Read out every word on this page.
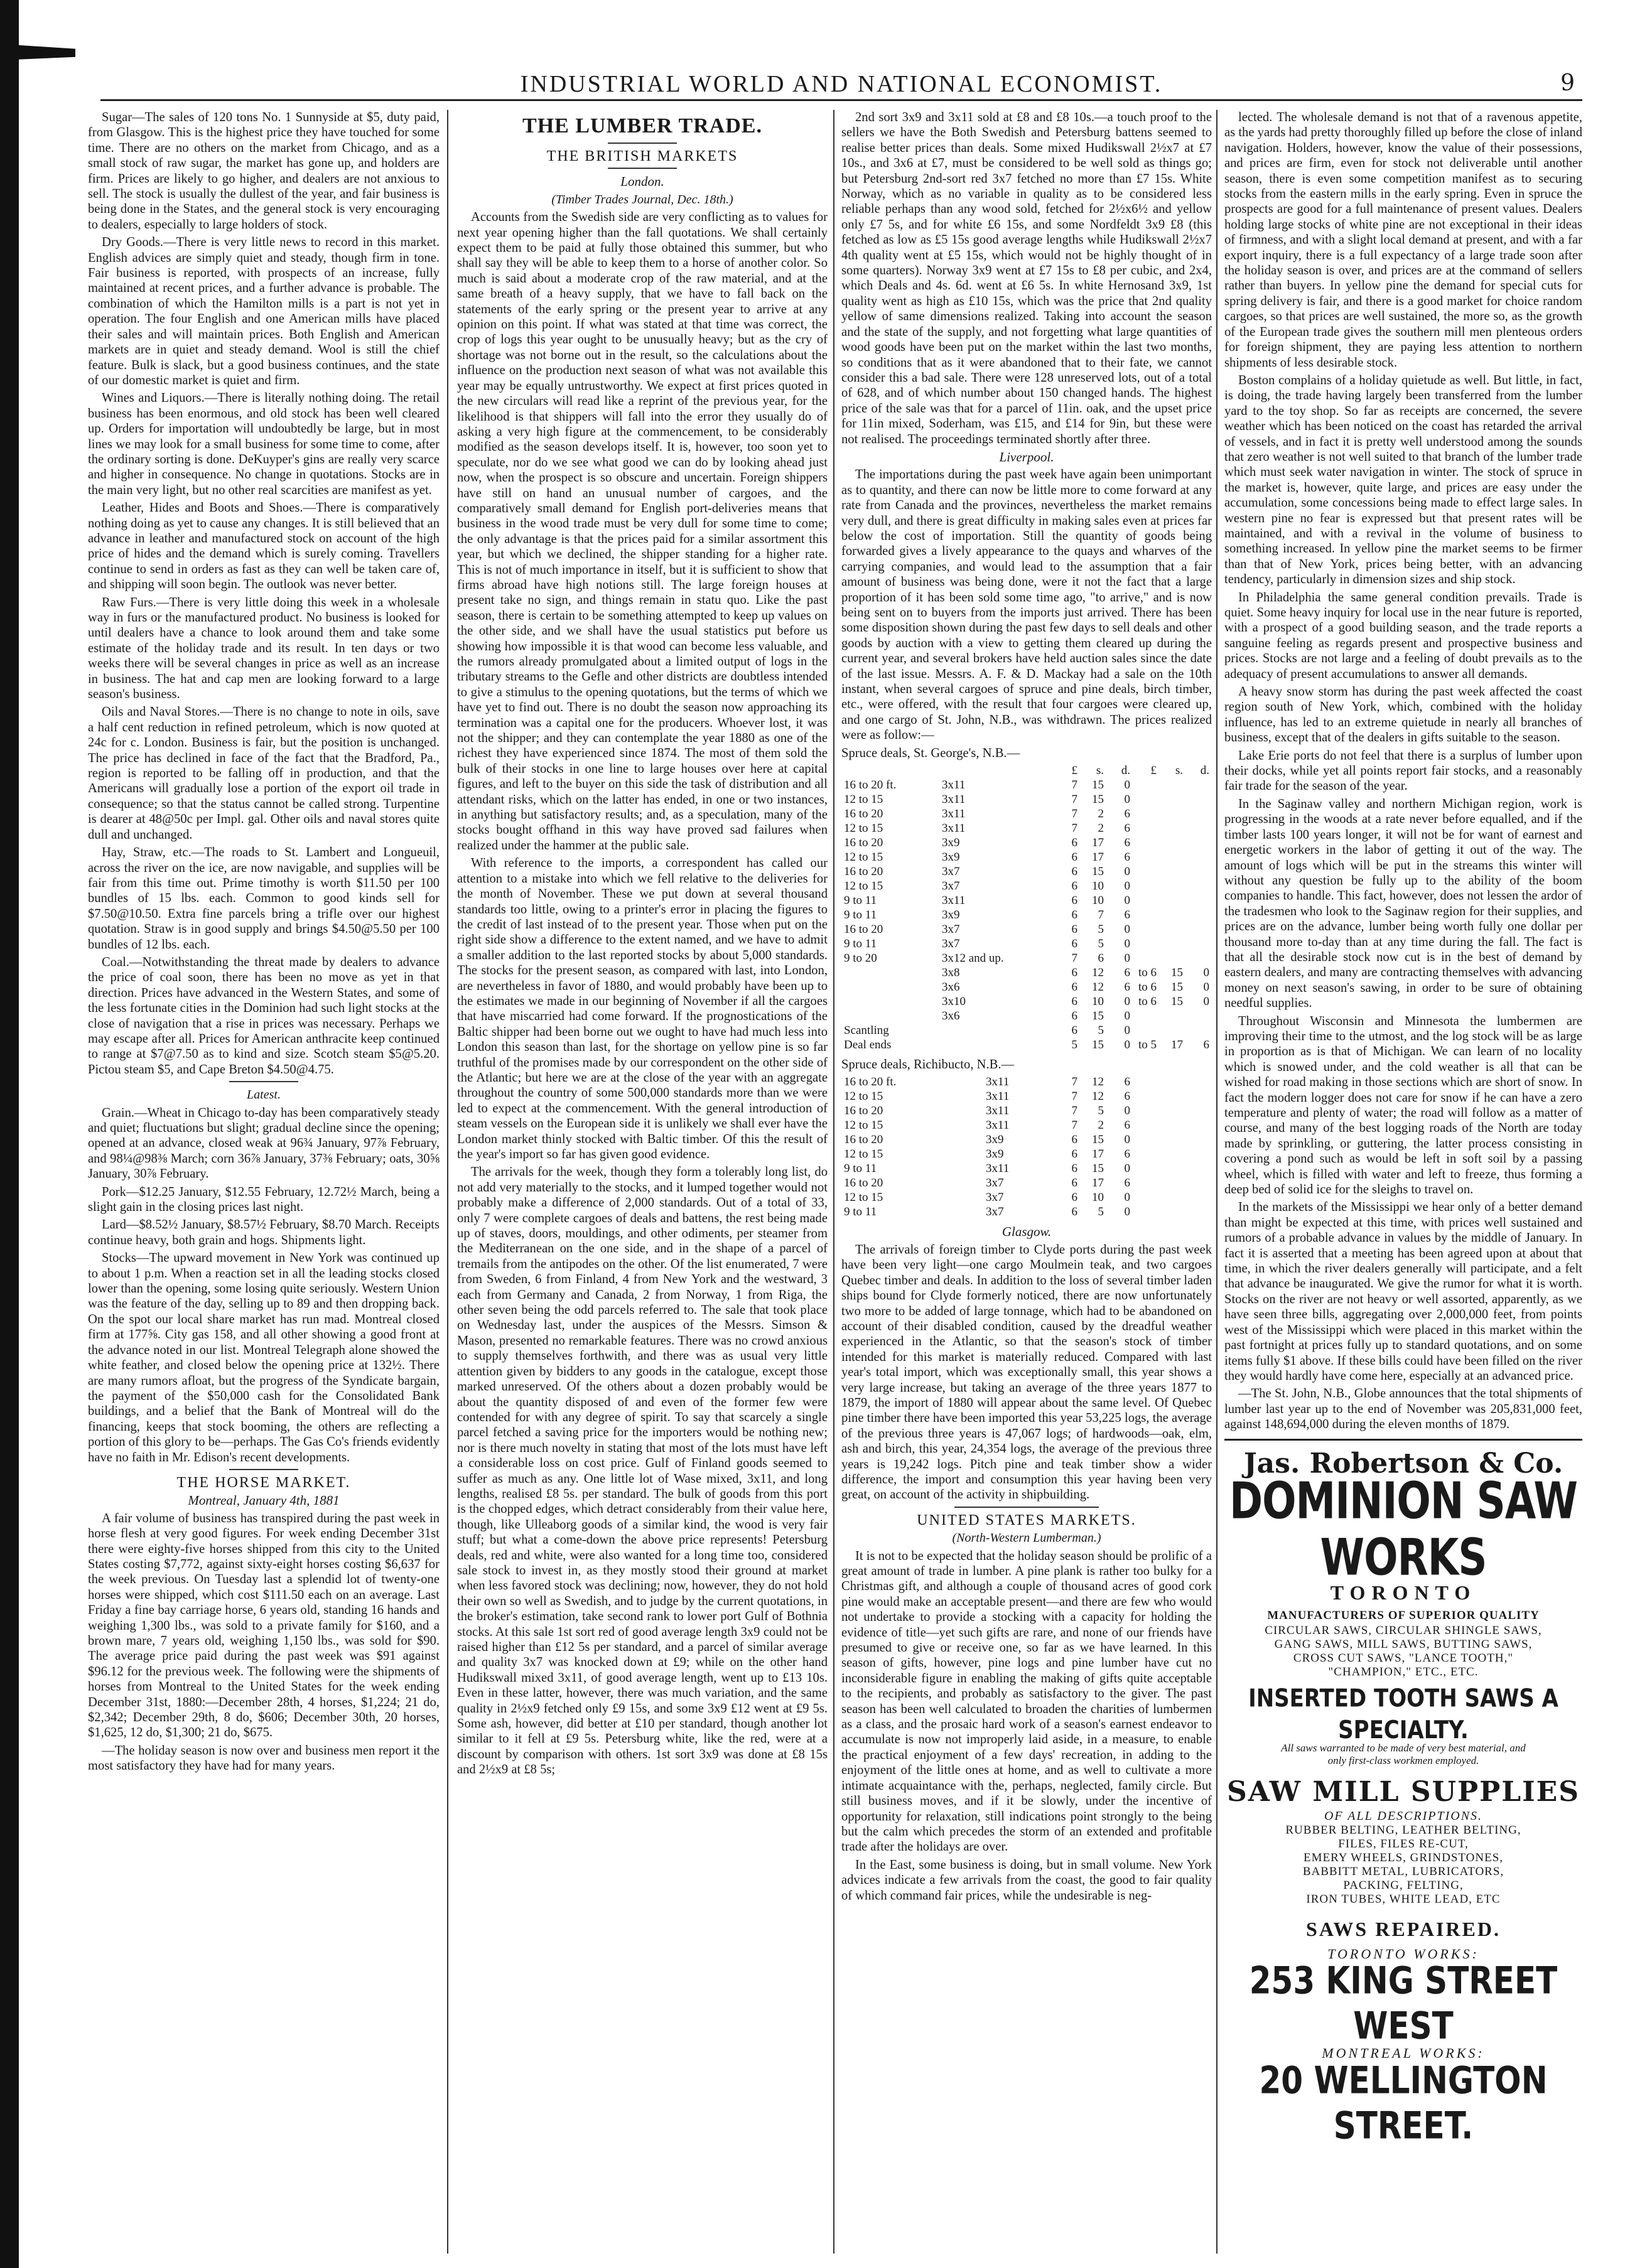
INDUSTRIAL WORLD AND NATIONAL ECONOMIST.	9

Sugar—The sales of 120 tons No. 1 Sunnyside at $5, duty paid, from Glasgow. This is the highest price they have touched for some time. There are no others on the market from Chicago, and as a small stock of raw sugar, the market has gone up, and holders are firm. Prices are likely to go higher, and dealers are not anxious to sell. The stock is usually the dullest of the year, and fair business is being done in the States, and the general stock is very encouraging to dealers, especially to large holders of stock.

Dry Goods.—There is very little news to record in this market. English advices are simply quiet and steady, though firm in tone. Fair business is reported, with prospects of an increase, fully maintained at recent prices, and a further advance is probable. The combination of which the Hamilton mills is a part is not yet in operation. The four English and one American mills have placed their sales and will maintain prices. Both English and American markets are in quiet and steady demand. Wool is still the chief feature. Bulk is slack, but a good business continues, and the state of our domestic market is quiet and firm.

Wines and Liquors.—There is literally nothing doing. The retail business has been enormous, and old stock has been well cleared up. Orders for importation will undoubtedly be large, but in most lines we may look for a small business for some time to come, after the ordinary sorting is done. DeKuyper's gins are really very scarce and higher in consequence. No change in quotations. Stocks are in the main very light, but no other real scarcities are manifest as yet.

Leather, Hides and Boots and Shoes.—There is comparatively nothing doing as yet to cause any changes. It is still believed that an advance in leather and manufactured stock on account of the high price of hides and the demand which is surely coming. Travellers continue to send in orders as fast as they can well be taken care of, and shipping will soon begin. The outlook was never better.

Raw Furs.—There is very little doing this week in a wholesale way in furs or the manufactured product. No business is looked for until dealers have a chance to look around them and take some estimate of the holiday trade and its result. In ten days or two weeks there will be several changes in price as well as an increase in business. The hat and cap men are looking forward to a large season's business.

Oils and Naval Stores.—There is no change to note in oils, save a half cent reduction in refined petroleum, which is now quoted at 24c for c. London. Business is fair, but the position is unchanged. The price has declined in face of the fact that the Bradford, Pa., region is reported to be falling off in production, and that the Americans will gradually lose a portion of the export oil trade in consequence; so that the status cannot be called strong. Turpentine is dearer at 48@50c per Impl. gal. Other oils and naval stores quite dull and unchanged.

Hay, Straw, etc.—The roads to St. Lambert and Longueuil, across the river on the ice, are now navigable, and supplies will be fair from this time out. Prime timothy is worth $11.50 per 100 bundles of 15 lbs. each. Common to good kinds sell for $7.50@10.50. Extra fine parcels bring a trifle over our highest quotation. Straw is in good supply and brings $4.50@5.50 per 100 bundles of 12 lbs. each.

Coal.—Notwithstanding the threat made by dealers to advance the price of coal soon, there has been no move as yet in that direction. Prices have advanced in the Western States, and some of the less fortunate cities in the Dominion had such light stocks at the close of navigation that a rise in prices was necessary. Perhaps we may escape after all. Prices for American anthracite keep continued to range at $7@7.50 as to kind and size. Scotch steam $5@5.20. Pictou steam $5, and Cape Breton $4.50@4.75.

Latest.

Grain.—Wheat in Chicago to-day has been comparatively steady and quiet; fluctuations but slight; gradual decline since the opening; opened at an advance, closed weak at 96¾ January, 97⅞ February, and 98¼@98⅜ March; corn 36⅞ January, 37⅜ February; oats, 30⅝ January, 30⅞ February.

Pork—$12.25 January, $12.55 February, 12.72½ March, being a slight gain in the closing prices last night.

Lard—$8.52½ January, $8.57½ February, $8.70 March. Receipts continue heavy, both grain and hogs. Shipments light.

Stocks—The upward movement in New York was continued up to about 1 p.m. When a reaction set in all the leading stocks closed lower than the opening, some losing quite seriously. Western Union was the feature of the day, selling up to 89 and then dropping back. On the spot our local share market has run mad. Montreal closed firm at 177⅝. City gas 158, and all other showing a good front at the advance noted in our list. Montreal Telegraph alone showed the white feather, and closed below the opening price at 132½. There are many rumors afloat, but the progress of the Syndicate bargain, the payment of the $50,000 cash for the Consolidated Bank buildings, and a belief that the Bank of Montreal will do the financing, keeps that stock booming, the others are reflecting a portion of this glory to be—perhaps. The Gas Co's friends evidently have no faith in Mr. Edison's recent developments.

THE HORSE MARKET.

Montreal, January 4th, 1881

A fair volume of business has transpired during the past week in horse flesh at very good figures. For week ending December 31st there were eighty-five horses shipped from this city to the United States costing $7,772, against sixty-eight horses costing $6,637 for the week previous. On Tuesday last a splendid lot of twenty-one horses were shipped, which cost $111.50 each on an average. Last Friday a fine bay carriage horse, 6 years old, standing 16 hands and weighing 1,300 lbs., was sold to a private family for $160, and a brown mare, 7 years old, weighing 1,150 lbs., was sold for $90. The average price paid during the past week was $91 against $96.12 for the previous week. The following were the shipments of horses from Montreal to the United States for the week ending December 31st, 1880:—December 28th, 4 horses, $1,224; 21 do, $2,342; December 29th, 8 do, $606; December 30th, 20 horses, $1,625, 12 do, $1,300; 21 do, $675.

—The holiday season is now over and business men report it the most satisfactory they have had for many years.

THE LUMBER TRADE.

THE BRITISH MARKETS

London.

(Timber Trades Journal, Dec. 18th.)

Accounts from the Swedish side are very conflicting as to values for next year opening higher than the fall quotations. We shall certainly expect them to be paid at fully those obtained this summer, but who shall say they will be able to keep them to a horse of another color. So much is said about a moderate crop of the raw material, and at the same breath of a heavy supply, that we have to fall back on the statements of the early spring or the present year to arrive at any opinion on this point. If what was stated at that time was correct, the crop of logs this year ought to be unusually heavy; but as the cry of shortage was not borne out in the result, so the calculations about the influence on the production next season of what was not available this year may be equally untrustworthy. We expect at first prices quoted in the new circulars will read like a reprint of the previous year, for the likelihood is that shippers will fall into the error they usually do of asking a very high figure at the commencement, to be considerably modified as the season develops itself. It is, however, too soon yet to speculate, nor do we see what good we can do by looking ahead just now, when the prospect is so obscure and uncertain. Foreign shippers have still on hand an unusual number of cargoes, and the comparatively small demand for English port-deliveries means that business in the wood trade must be very dull for some time to come; the only advantage is that the prices paid for a similar assortment this year, but which we declined, the shipper standing for a higher rate. This is not of much importance in itself, but it is sufficient to show that firms abroad have high notions still. The large foreign houses at present take no sign, and things remain in statu quo. Like the past season, there is certain to be something attempted to keep up values on the other side, and we shall have the usual statistics put before us showing how impossible it is that wood can become less valuable, and the rumors already promulgated about a limited output of logs in the tributary streams to the Gefle and other districts are doubtless intended to give a stimulus to the opening quotations, but the terms of which we have yet to find out. There is no doubt the season now approaching its termination was a capital one for the producers. Whoever lost, it was not the shipper; and they can contemplate the year 1880 as one of the richest they have experienced since 1874. The most of them sold the bulk of their stocks in one line to large houses over here at capital figures, and left to the buyer on this side the task of distribution and all attendant risks, which on the latter has ended, in one or two instances, in anything but satisfactory results; and, as a speculation, many of the stocks bought offhand in this way have proved sad failures when realized under the hammer at the public sale.

With reference to the imports, a correspondent has called our attention to a mistake into which we fell relative to the deliveries for the month of November. These we put down at several thousand standards too little, owing to a printer's error in placing the figures to the credit of last instead of to the present year. Those when put on the right side show a difference to the extent named, and we have to admit a smaller addition to the last reported stocks by about 5,000 standards. The stocks for the present season, as compared with last, into London, are nevertheless in favor of 1880, and would probably have been up to the estimates we made in our beginning of November if all the cargoes that have miscarried had come forward. If the prognostications of the Baltic shipper had been borne out we ought to have had much less into London this season than last, for the shortage on yellow pine is so far truthful of the promises made by our correspondent on the other side of the Atlantic; but here we are at the close of the year with an aggregate throughout the country of some 500,000 standards more than we were led to expect at the commencement. With the general introduction of steam vessels on the European side it is unlikely we shall ever have the London market thinly stocked with Baltic timber. Of this the result of the year's import so far has given good evidence.

The arrivals for the week, though they form a tolerably long list, do not add very materially to the stocks, and it lumped together would not probably make a difference of 2,000 standards. Out of a total of 33, only 7 were complete cargoes of deals and battens, the rest being made up of staves, doors, mouldings, and other odiments, per steamer from the Mediterranean on the one side, and in the shape of a parcel of tremails from the antipodes on the other. Of the list enumerated, 7 were from Sweden, 6 from Finland, 4 from New York and the westward, 3 each from Germany and Canada, 2 from Norway, 1 from Riga, the other seven being the odd parcels referred to. The sale that took place on Wednesday last, under the auspices of the Messrs. Simson & Mason, presented no remarkable features. There was no crowd anxious to supply themselves forthwith, and there was as usual very little attention given by bidders to any goods in the catalogue, except those marked unreserved. Of the others about a dozen probably would be about the quantity disposed of and even of the former few were contended for with any degree of spirit. To say that scarcely a single parcel fetched a saving price for the importers would be nothing new; nor is there much novelty in stating that most of the lots must have left a considerable loss on cost price. Gulf of Finland goods seemed to suffer as much as any. One little lot of Wase mixed, 3x11, and long lengths, realised £8 5s. per standard. The bulk of goods from this port is the chopped edges, which detract considerably from their value here, though, like Ulleaborg goods of a similar kind, the wood is very fair stuff; but what a come-down the above price represents! Petersburg deals, red and white, were also wanted for a long time too, considered sale stock to invest in, as they mostly stood their ground at market when less favored stock was declining; now, however, they do not hold their own so well as Swedish, and to judge by the current quotations, in the broker's estimation, take second rank to lower port Gulf of Bothnia stocks. At this sale 1st sort red of good average length 3x9 could not be raised higher than £12 5s per standard, and a parcel of similar average and quality 3x7 was knocked down at £9; while on the other hand Hudikswall mixed 3x11, of good average length, went up to £13 10s. Even in these latter, however, there was much variation, and the same quality in 2½x9 fetched only £9 15s, and some 3x9 £12 went at £9 5s. Some ash, however, did better at £10 per standard, though another lot similar to it fell at £9 5s. Petersburg white, like the red, were at a discount by comparison with others. 1st sort 3x9 was done at £8 15s and 2½x9 at £8 5s;

2nd sort 3x9 and 3x11 sold at £8 and £8 10s.—a touch proof to the sellers we have the Both Swedish and Petersburg battens seemed to realise better prices than deals. Some mixed Hudikswall 2½x7 at £7 10s., and 3x6 at £7, must be considered to be well sold as things go; but Petersburg 2nd-sort red 3x7 fetched no more than £7 15s. White Norway, which as no variable in quality as to be considered less reliable perhaps than any wood sold, fetched for 2½x6½ and yellow only £7 5s, and for white £6 15s, and some Nordfeldt 3x9 £8 (this fetched as low as £5 15s good average lengths while Hudikswall 2½x7 4th quality went at £5 15s, which would not be highly thought of in some quarters). Norway 3x9 went at £7 15s to £8 per cubic, and 2x4, which Deals and 4s. 6d. went at £6 5s. In white Hernosand 3x9, 1st quality went as high as £10 15s, which was the price that 2nd quality yellow of same dimensions realized. Taking into account the season and the state of the supply, and not forgetting what large quantities of wood goods have been put on the market within the last two months, so conditions that as it were abandoned that to their fate, we cannot consider this a bad sale. There were 128 unreserved lots, out of a total of 628, and of which number about 150 changed hands. The highest price of the sale was that for a parcel of 11in. oak, and the upset price for 11in mixed, Soderham, was £15, and £14 for 9in, but these were not realised. The proceedings terminated shortly after three.

Liverpool.

The importations during the past week have again been unimportant as to quantity, and there can now be little more to come forward at any rate from Canada and the provinces, nevertheless the market remains very dull, and there is great difficulty in making sales even at prices far below the cost of importation. Still the quantity of goods being forwarded gives a lively appearance to the quays and wharves of the carrying companies, and would lead to the assumption that a fair amount of business was being done, were it not the fact that a large proportion of it has been sold some time ago, "to arrive," and is now being sent on to buyers from the imports just arrived. There has been some disposition shown during the past few days to sell deals and other goods by auction with a view to getting them cleared up during the current year, and several brokers have held auction sales since the date of the last issue. Messrs. A. F. & D. Mackay had a sale on the 10th instant, when several cargoes of spruce and pine deals, birch timber, etc., were offered, with the result that four cargoes were cleared up, and one cargo of St. John, N.B., was withdrawn. The prices realized were as follow:—

Spruce deals, St. George's, N.B.—

		£	s.	d.	£	s.	d.
16 to 20 ft.	3x11	7	15	0			
12 to 15	3x11	7	15	0			
16 to 20	3x11	7	2	6			
12 to 15	3x11	7	2	6			
16 to 20	3x9	6	17	6			
12 to 15	3x9	6	17	6			
16 to 20	3x7	6	15	0			
12 to 15	3x7	6	10	0			
9 to 11	3x11	6	10	0			
9 to 11	3x9	6	7	6			
16 to 20	3x7	6	5	0			
9 to 11	3x7	6	5	0			
9 to 20	3x12 and up.	7	6	0			
	3x8	6	12	6	to 6	15	0
	3x6	6	12	6	to 6	15	0
	3x10	6	10	0	to 6	15	0
	3x6	6	15	0			
Scantling		6	5	0			
Deal ends		5	15	0	to 5	17	6

Spruce deals, Richibucto, N.B.—

16 to 20 ft.	3x11	7	12	6			
12 to 15	3x11	7	12	6			
16 to 20	3x11	7	5	0			
12 to 15	3x11	7	2	6			
16 to 20	3x9	6	15	0			
12 to 15	3x9	6	17	6			
9 to 11	3x11	6	15	0			
16 to 20	3x7	6	17	6			
12 to 15	3x7	6	10	0			
9 to 11	3x7	6	5	0			

Glasgow.

The arrivals of foreign timber to Clyde ports during the past week have been very light—one cargo Moulmein teak, and two cargoes Quebec timber and deals. In addition to the loss of several timber laden ships bound for Clyde formerly noticed, there are now unfortunately two more to be added of large tonnage, which had to be abandoned on account of their disabled condition, caused by the dreadful weather experienced in the Atlantic, so that the season's stock of timber intended for this market is materially reduced. Compared with last year's total import, which was exceptionally small, this year shows a very large increase, but taking an average of the three years 1877 to 1879, the import of 1880 will appear about the same level. Of Quebec pine timber there have been imported this year 53,225 logs, the average of the previous three years is 47,067 logs; of hardwoods—oak, elm, ash and birch, this year, 24,354 logs, the average of the previous three years is 19,242 logs. Pitch pine and teak timber show a wider difference, the import and consumption this year having been very great, on account of the activity in shipbuilding.

UNITED STATES MARKETS.

(North-Western Lumberman.)

It is not to be expected that the holiday season should be prolific of a great amount of trade in lumber. A pine plank is rather too bulky for a Christmas gift, and although a couple of thousand acres of good cork pine would make an acceptable present—and there are few who would not undertake to provide a stocking with a capacity for holding the evidence of title—yet such gifts are rare, and none of our friends have presumed to give or receive one, so far as we have learned. In this season of gifts, however, pine logs and pine lumber have cut no inconsiderable figure in enabling the making of gifts quite acceptable to the recipients, and probably as satisfactory to the giver. The past season has been well calculated to broaden the charities of lumbermen as a class, and the prosaic hard work of a season's earnest endeavor to accumulate is now not improperly laid aside, in a measure, to enable the practical enjoyment of a few days' recreation, in adding to the enjoyment of the little ones at home, and as well to cultivate a more intimate acquaintance with the, perhaps, neglected, family circle. But still business moves, and if it be slowly, under the incentive of opportunity for relaxation, still indications point strongly to the being but the calm which precedes the storm of an extended and profitable trade after the holidays are over.

In the East, some business is doing, but in small volume. New York advices indicate a few arrivals from the coast, the good to fair quality of which command fair prices, while the undesirable is neg-

lected. The wholesale demand is not that of a ravenous appetite, as the yards had pretty thoroughly filled up before the close of inland navigation. Holders, however, know the value of their possessions, and prices are firm, even for stock not deliverable until another season, there is even some competition manifest as to securing stocks from the eastern mills in the early spring. Even in spruce the prospects are good for a full maintenance of present values. Dealers holding large stocks of white pine are not exceptional in their ideas of firmness, and with a slight local demand at present, and with a far export inquiry, there is a full expectancy of a large trade soon after the holiday season is over, and prices are at the command of sellers rather than buyers. In yellow pine the demand for special cuts for spring delivery is fair, and there is a good market for choice random cargoes, so that prices are well sustained, the more so, as the growth of the European trade gives the southern mill men plenteous orders for foreign shipment, they are paying less attention to northern shipments of less desirable stock.

Boston complains of a holiday quietude as well. But little, in fact, is doing, the trade having largely been transferred from the lumber yard to the toy shop. So far as receipts are concerned, the severe weather which has been noticed on the coast has retarded the arrival of vessels, and in fact it is pretty well understood among the sounds that zero weather is not well suited to that branch of the lumber trade which must seek water navigation in winter. The stock of spruce in the market is, however, quite large, and prices are easy under the accumulation, some concessions being made to effect large sales. In western pine no fear is expressed but that present rates will be maintained, and with a revival in the volume of business to something increased. In yellow pine the market seems to be firmer than that of New York, prices being better, with an advancing tendency, particularly in dimension sizes and ship stock.

In Philadelphia the same general condition prevails. Trade is quiet. Some heavy inquiry for local use in the near future is reported, with a prospect of a good building season, and the trade reports a sanguine feeling as regards present and prospective business and prices. Stocks are not large and a feeling of doubt prevails as to the adequacy of present accumulations to answer all demands.

A heavy snow storm has during the past week affected the coast region south of New York, which, combined with the holiday influence, has led to an extreme quietude in nearly all branches of business, except that of the dealers in gifts suitable to the season.

Lake Erie ports do not feel that there is a surplus of lumber upon their docks, while yet all points report fair stocks, and a reasonably fair trade for the season of the year.

In the Saginaw valley and northern Michigan region, work is progressing in the woods at a rate never before equalled, and if the timber lasts 100 years longer, it will not be for want of earnest and energetic workers in the labor of getting it out of the way. The amount of logs which will be put in the streams this winter will without any question be fully up to the ability of the boom companies to handle. This fact, however, does not lessen the ardor of the tradesmen who look to the Saginaw region for their supplies, and prices are on the advance, lumber being worth fully one dollar per thousand more to-day than at any time during the fall. The fact is that all the desirable stock now cut is in the best of demand by eastern dealers, and many are contracting themselves with advancing money on next season's sawing, in order to be sure of obtaining needful supplies.

Throughout Wisconsin and Minnesota the lumbermen are improving their time to the utmost, and the log stock will be as large in proportion as is that of Michigan. We can learn of no locality which is snowed under, and the cold weather is all that can be wished for road making in those sections which are short of snow. In fact the modern logger does not care for snow if he can have a zero temperature and plenty of water; the road will follow as a matter of course, and many of the best logging roads of the North are today made by sprinkling, or guttering, the latter process consisting in covering a pond such as would be left in soft soil by a passing wheel, which is filled with water and left to freeze, thus forming a deep bed of solid ice for the sleighs to travel on.

In the markets of the Mississippi we hear only of a better demand than might be expected at this time, with prices well sustained and rumors of a probable advance in values by the middle of January. In fact it is asserted that a meeting has been agreed upon at about that time, in which the river dealers generally will participate, and a felt that advance be inaugurated. We give the rumor for what it is worth. Stocks on the river are not heavy or well assorted, apparently, as we have seen three bills, aggregating over 2,000,000 feet, from points west of the Mississippi which were placed in this market within the past fortnight at prices fully up to standard quotations, and on some items fully $1 above. If these bills could have been filled on the river they would hardly have come here, especially at an advanced price.

—The St. John, N.B., Globe announces that the total shipments of lumber last year up to the end of November was 205,831,000 feet, against 148,694,000 during the eleven months of 1879.

Jas. Robertson & Co.
DOMINION SAW WORKS
TORONTO
MANUFACTURERS OF SUPERIOR QUALITY
CIRCULAR SAWS, CIRCULAR SHINGLE SAWS,
GANG SAWS, MILL SAWS, BUTTING SAWS,
CROSS CUT SAWS, "LANCE TOOTH,"
"CHAMPION," ETC., ETC.
INSERTED TOOTH SAWS A SPECIALTY.
All saws warranted to be made of very best material, and
only first-class workmen employed.
SAW MILL SUPPLIES
OF ALL DESCRIPTIONS.
RUBBER BELTING, LEATHER BELTING,
FILES, FILES RE-CUT,
EMERY WHEELS, GRINDSTONES,
BABBITT METAL, LUBRICATORS,
PACKING, FELTING,
IRON TUBES, WHITE LEAD, ETC
SAWS REPAIRED.
TORONTO WORKS:
253 KING STREET WEST
MONTREAL WORKS:
20 WELLINGTON STREET.
